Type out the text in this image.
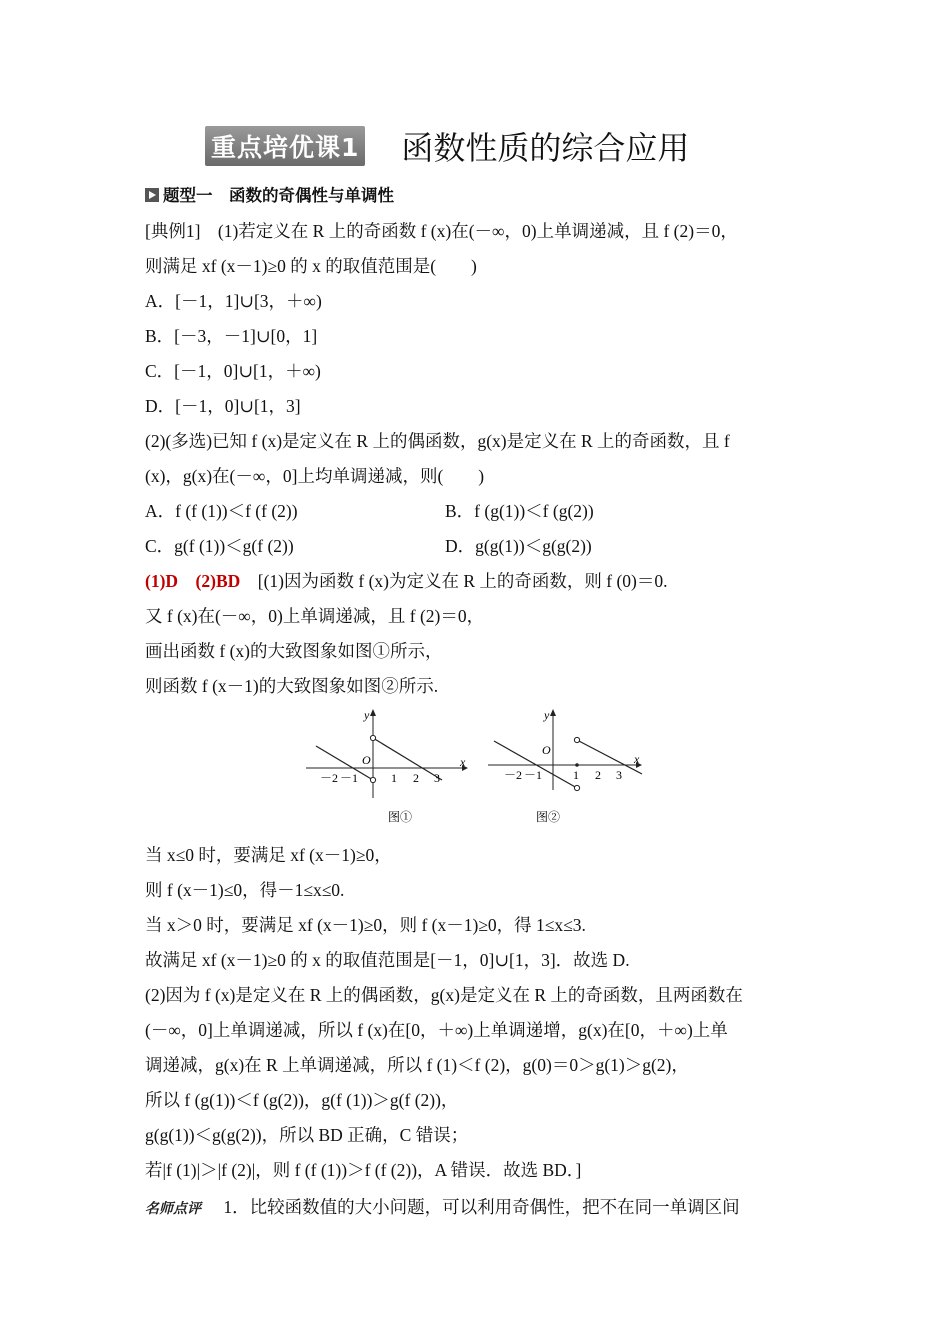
重点培优课1 函数性质的综合应用
题型一　函数的奇偶性与单调性
[典例1]　 (1)若定义在 R 上的奇函数 f (x)在(－∞，0)上单调递减，且 f (2)＝0，
则满足 xf (x－1)≥0 的 x 的取值范围是(　　)
A．[－1，1]∪[3，＋∞)
B．[－3，－1]∪[0，1]
C．[－1，0]∪[1，＋∞)
D．[－1，0]∪[1，3]
(2)(多选)已知 f (x)是定义在 R 上的偶函数，g(x)是定义在 R 上的奇函数，且 f
(x)，g(x)在(－∞，0]上均单调递减，则(　　)
A．f (f (1))＜f (f (2))	B．f (g(1))＜f (g(2))
C．g(f (1))＜g(f (2))	D．g(g(1))＜g(g(2))
(1)D　(2)BD　 [(1)因为函数 f (x)为定义在 R 上的奇函数，则 f (0)＝0.
又 f (x)在(－∞，0)上单调递减，且 f (2)＝0，
画出函数 f (x)的大致图象如图①所示，
则函数 f (x－1)的大致图象如图②所示.
y
x
O
－2 －1	1 2 3
图①
y
x
O
－2 －1	1 2 3
图②
当 x≤0 时，要满足 xf (x－1)≥0，
则 f (x－1)≤0，得－1≤x≤0.
当 x＞0 时，要满足 xf (x－1)≥0，则 f (x－1)≥0，得 1≤x≤3.
故满足 xf (x－1)≥0 的 x 的取值范围是[－1，0]∪[1，3]．故选 D.
(2)因为 f (x)是定义在 R 上的偶函数，g(x)是定义在 R 上的奇函数，且两函数在
(－∞，0]上单调递减，所以 f (x)在[0，＋∞)上单调递增，g(x)在[0，＋∞)上单
调递减，g(x)在 R 上单调递减，所以 f (1)＜f (2)，g(0)＝0＞g(1)＞g(2)，
所以 f (g(1))＜f (g(2))，g(f (1))＞g(f (2))，
g(g(1))＜g(g(2))，所以 BD 正确，C 错误；
若|f (1)|＞|f (2)|，则 f (f (1))＞f (f (2))，A 错误．故选 BD．]
名师点评 1．比较函数值的大小问题，可以利用奇偶性，把不在同一单调区间
